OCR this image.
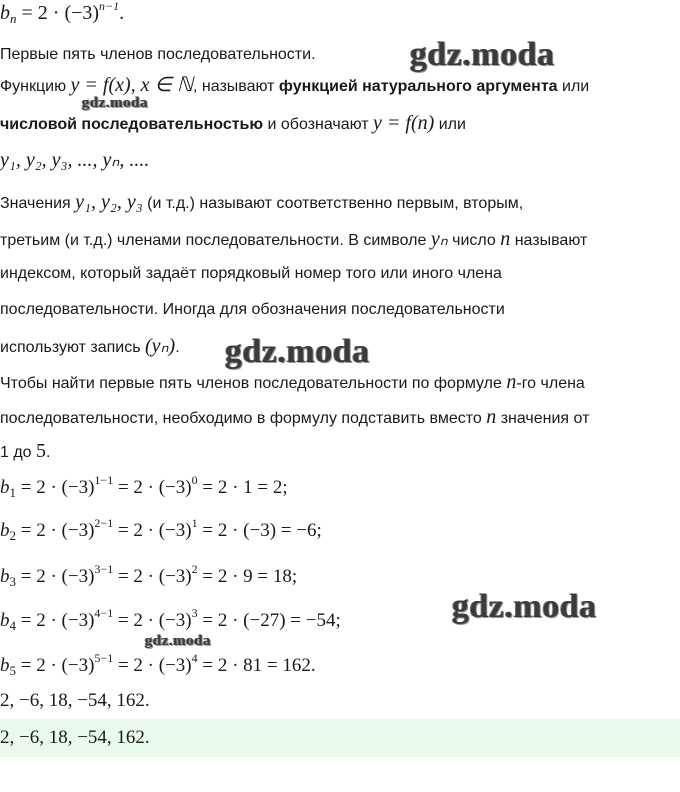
$b_n = 2 \cdot (-3)^{n-1}$.
Первые пять членов последовательности.
Функцию y = f(x), x ∈ ℕ, называют функцией натурального аргумента или
числовой последовательностью и обозначают y = f(n) или
y₁, y₂, y₃, ..., yₙ, ....
Значения y₁, y₂, y₃ (и т.д.) называют соответственно первым, вторым,
третьим (и т.д.) членами последовательности. В символе yₙ число n называют
индексом, который задаёт порядковый номер того или иного члена
последовательности. Иногда для обозначения последовательности
используют запись (yₙ).
Чтобы найти первые пять членов последовательности по формуле n-го члена
последовательности, необходимо в формулу подставить вместо n значения от
1 до 5.
$b_1 = 2 \cdot (-3)^{1-1} = 2 \cdot (-3)^0 = 2 \cdot 1 = 2$;
$b_2 = 2 \cdot (-3)^{2-1} = 2 \cdot (-3)^1 = 2 \cdot (-3) = -6$;
$b_3 = 2 \cdot (-3)^{3-1} = 2 \cdot (-3)^2 = 2 \cdot 9 = 18$;
$b_4 = 2 \cdot (-3)^{4-1} = 2 \cdot (-3)^3 = 2 \cdot (-27) = -54$;
$b_5 = 2 \cdot (-3)^{5-1} = 2 \cdot (-3)^4 = 2 \cdot 81 = 162$.
2, −6, 18, −54, 162.
2, −6, 18, −54, 162.
gdz.moda
gdz.moda
gdz.moda
gdz.moda
gdz.moda
